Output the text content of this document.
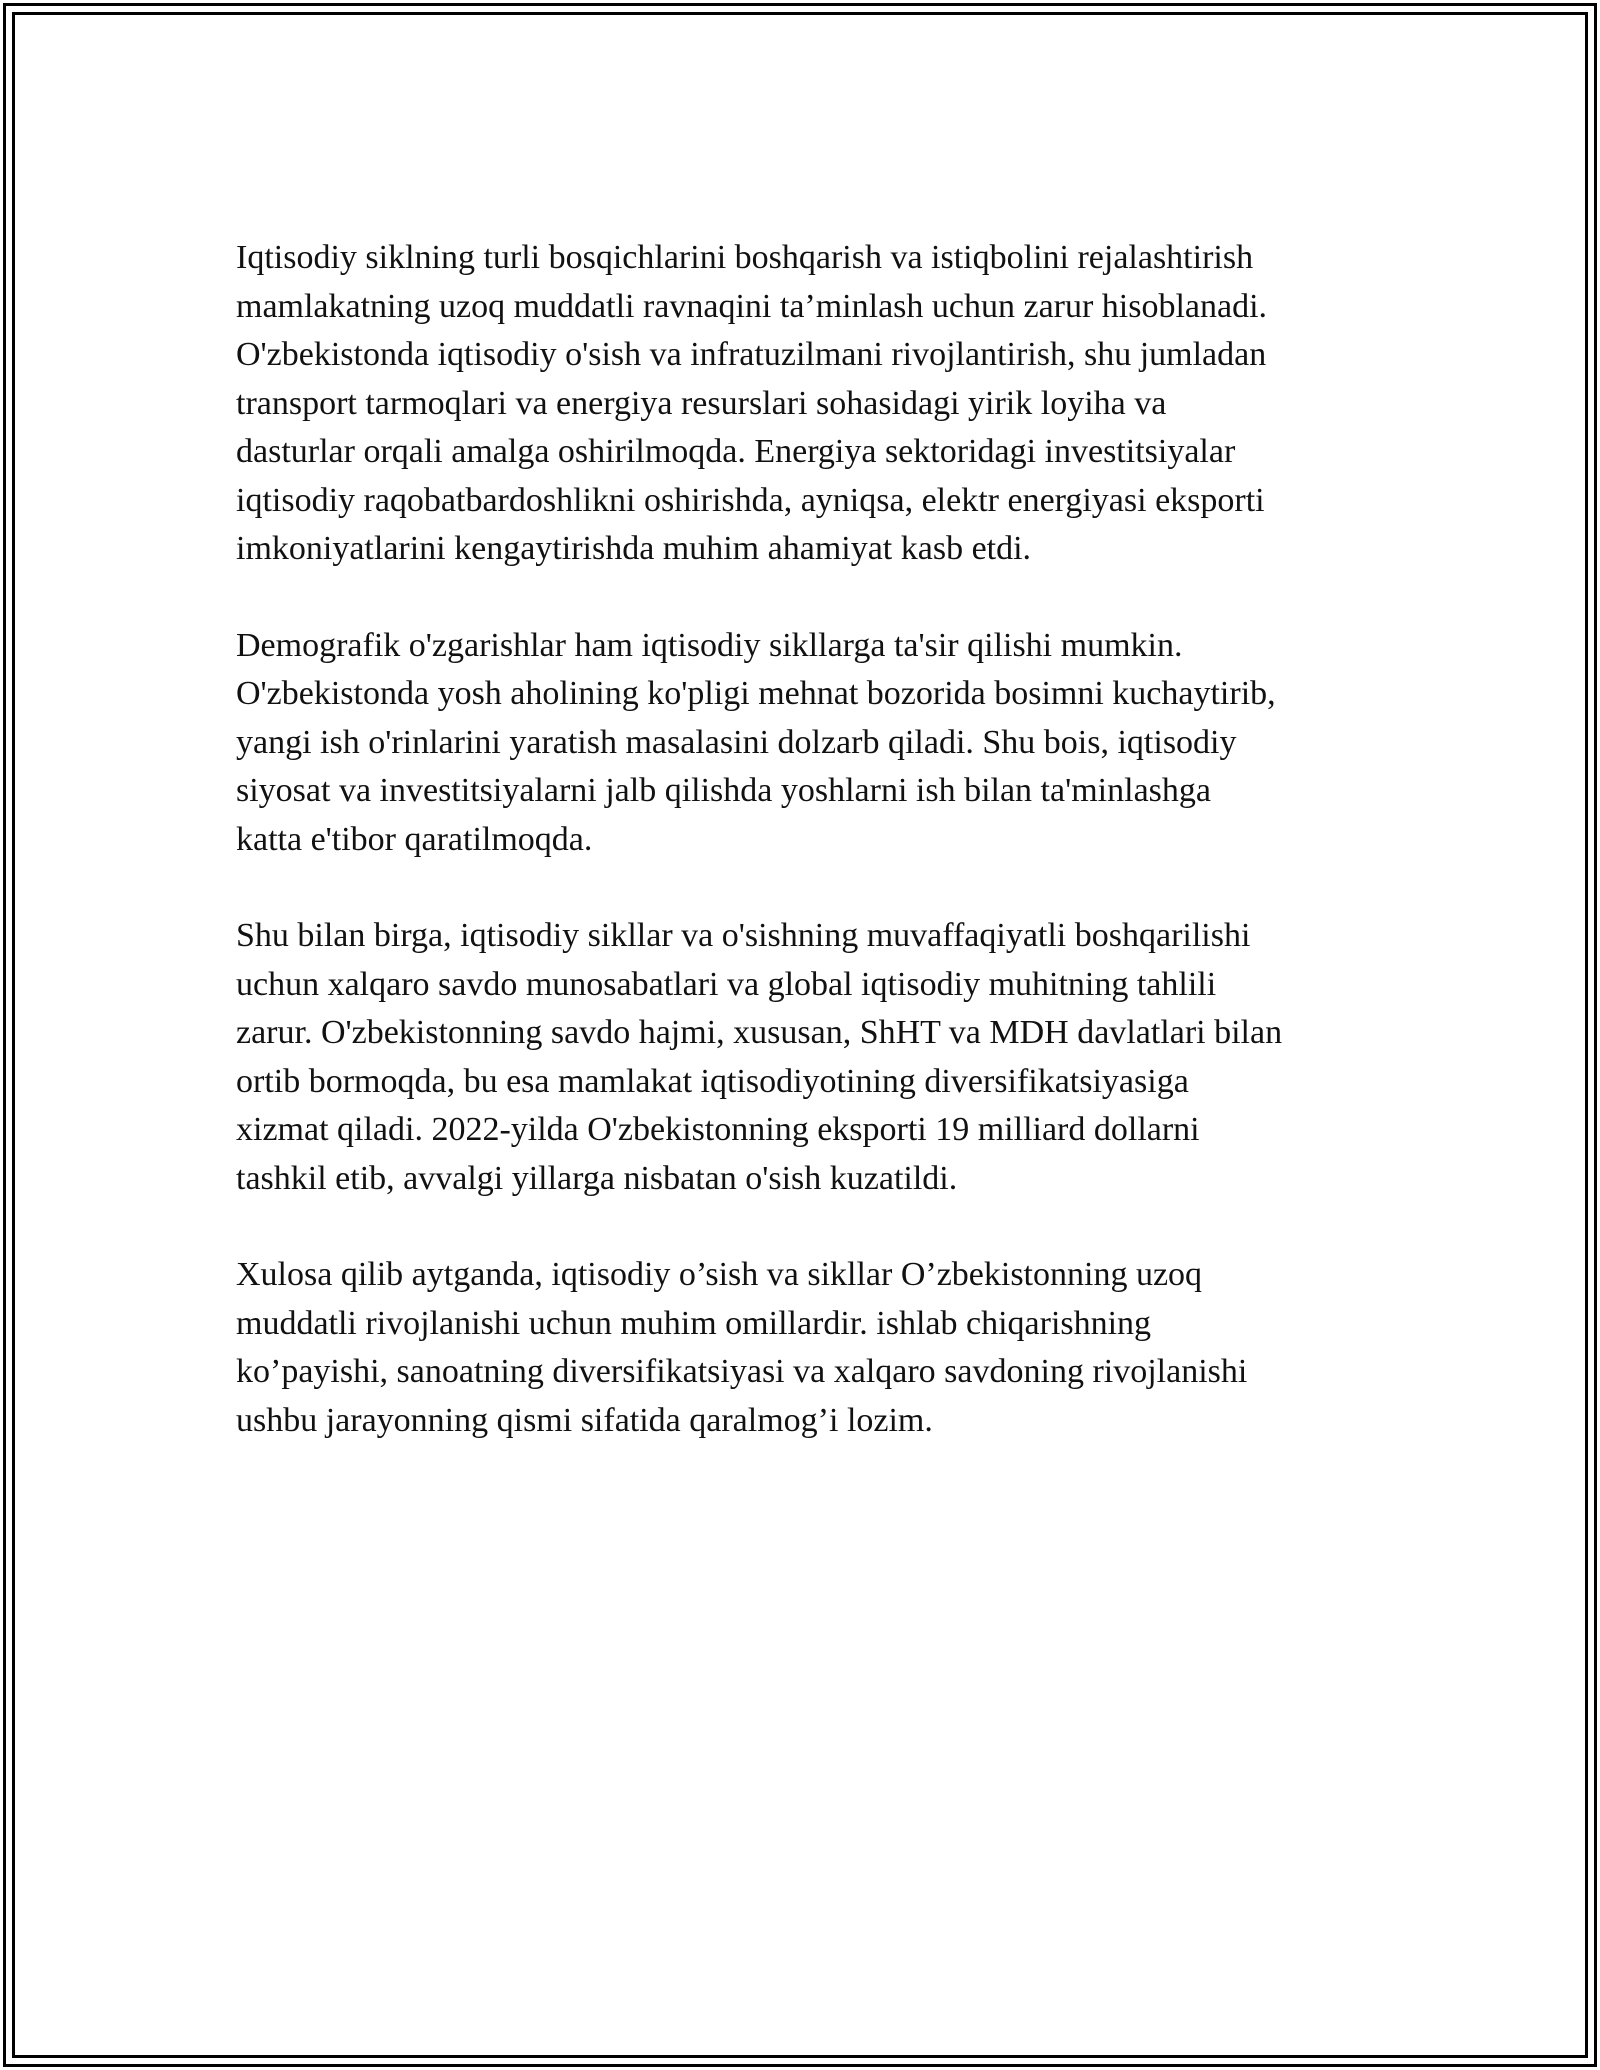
Iqtisodiy siklning turli bosqichlarini boshqarish va istiqbolini rejalashtirish
mamlakatning uzoq muddatli ravnaqini ta’minlash uchun zarur hisoblanadi.
O'zbekistonda iqtisodiy o'sish va infratuzilmani rivojlantirish, shu jumladan
transport tarmoqlari va energiya resurslari sohasidagi yirik loyiha va
dasturlar orqali amalga oshirilmoqda. Energiya sektoridagi investitsiyalar
iqtisodiy raqobatbardoshlikni oshirishda, ayniqsa, elektr energiyasi eksporti
imkoniyatlarini kengaytirishda muhim ahamiyat kasb etdi.

Demografik o'zgarishlar ham iqtisodiy sikllarga ta'sir qilishi mumkin.
O'zbekistonda yosh aholining ko'pligi mehnat bozorida bosimni kuchaytirib,
yangi ish o'rinlarini yaratish masalasini dolzarb qiladi. Shu bois, iqtisodiy
siyosat va investitsiyalarni jalb qilishda yoshlarni ish bilan ta'minlashga
katta e'tibor qaratilmoqda.

Shu bilan birga, iqtisodiy sikllar va o'sishning muvaffaqiyatli boshqarilishi
uchun xalqaro savdo munosabatlari va global iqtisodiy muhitning tahlili
zarur. O'zbekistonning savdo hajmi, xususan, ShHT va MDH davlatlari bilan
ortib bormoqda, bu esa mamlakat iqtisodiyotining diversifikatsiyasiga
xizmat qiladi. 2022-yilda O'zbekistonning eksporti 19 milliard dollarni
tashkil etib, avvalgi yillarga nisbatan o'sish kuzatildi.

Xulosa qilib aytganda, iqtisodiy o’sish va sikllar O’zbekistonning uzoq
muddatli rivojlanishi uchun muhim omillardir. ishlab chiqarishning
ko’payishi, sanoatning diversifikatsiyasi va xalqaro savdoning rivojlanishi
ushbu jarayonning qismi sifatida qaralmog’i lozim.
